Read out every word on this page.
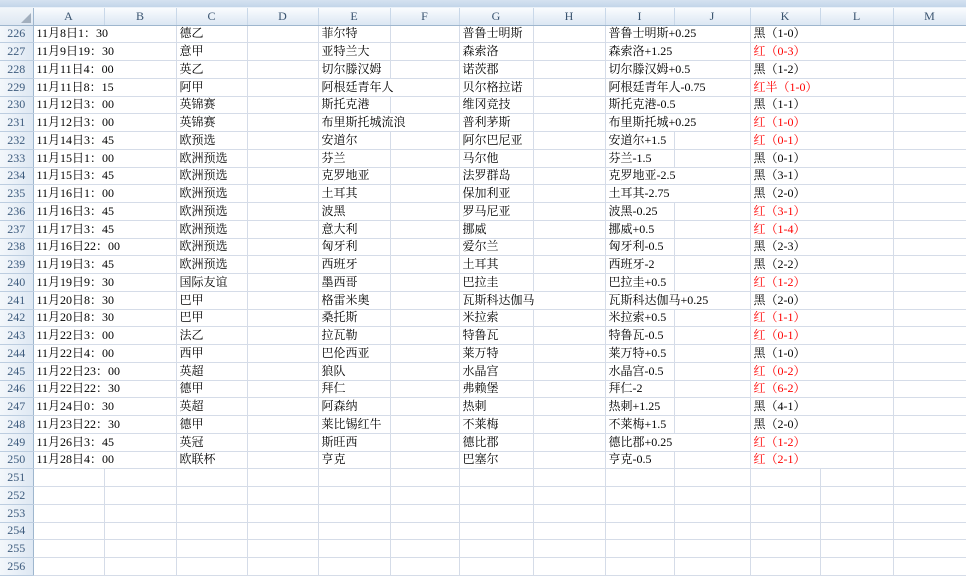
	A	B	C	D	E	F	G	H	I	J	K	L	M
226	11月8日1：30		德乙		菲尔特		普鲁士明斯		普鲁士明斯+0.25		黑（1-0）		
227	11月9日19：30		意甲		亚特兰大		森索洛		森索洛+1.25		红（0-3）		
228	11月11日4：00		英乙		切尔滕汉姆		诺茨郡		切尔滕汉姆+0.5		黑（1-2）		
229	11月11日8：15		阿甲		阿根廷青年人		贝尔格拉诺		阿根廷青年人-0.75		红半（1-0）		
230	11月12日3：00		英锦赛		斯托克港		维冈竞技		斯托克港-0.5		黑（1-1）		
231	11月12日3：00		英锦赛		布里斯托城流浪		普利茅斯		布里斯托城+0.25		红（1-0）		
232	11月14日3：45		欧预选		安道尔		阿尔巴尼亚		安道尔+1.5		红（0-1）		
233	11月15日1：00		欧洲预选		芬兰		马尔他		芬兰-1.5		黑（0-1）		
234	11月15日3：45		欧洲预选		克罗地亚		法罗群岛		克罗地亚-2.5		黑（3-1）		
235	11月16日1：00		欧洲预选		土耳其		保加利亚		土耳其-2.75		黑（2-0）		
236	11月16日3：45		欧洲预选		波黑		罗马尼亚		波黑-0.25		红（3-1）		
237	11月17日3：45		欧洲预选		意大利		挪威		挪威+0.5		红（1-4）		
238	11月16日22：00		欧洲预选		匈牙利		爱尔兰		匈牙利-0.5		黑（2-3）		
239	11月19日3：45		欧洲预选		西班牙		土耳其		西班牙-2		黑（2-2）		
240	11月19日9：30		国际友谊		墨西哥		巴拉圭		巴拉圭+0.5		红（1-2）		
241	11月20日8：30		巴甲		格雷米奥		瓦斯科达伽马		瓦斯科达伽马+0.25		黑（2-0）		
242	11月20日8：30		巴甲		桑托斯		米拉索		米拉索+0.5		红（1-1）		
243	11月22日3：00		法乙		拉瓦勒		特鲁瓦		特鲁瓦-0.5		红（0-1）		
244	11月22日4：00		西甲		巴伦西亚		莱万特		莱万特+0.5		黑（1-0）		
245	11月22日23：00		英超		狼队		水晶宫		水晶宫-0.5		红（0-2）		
246	11月22日22：30		德甲		拜仁		弗赖堡		拜仁-2		红（6-2）		
247	11月24日0：30		英超		阿森纳		热刺		热刺+1.25		黑（4-1）		
248	11月23日22：30		德甲		莱比锡红牛		不莱梅		不莱梅+1.5		黑（2-0）		
249	11月26日3：45		英冠		斯旺西		德比郡		德比郡+0.25		红（1-2）		
250	11月28日4：00		欧联杯		亨克		巴塞尔		亨克-0.5		红（2-1）		
251													
252													
253													
254													
255													
256													
